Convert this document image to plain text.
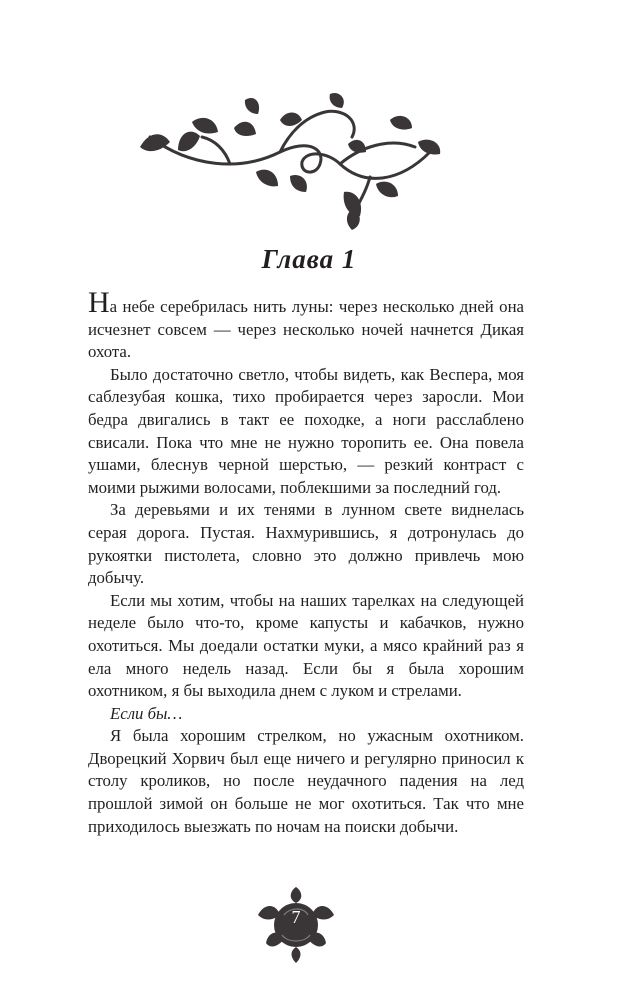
Глава 1

На небе серебрилась нить луны: через несколько дней она исчезнет совсем — через несколько ночей начнется Дикая охота.

Было достаточно светло, чтобы видеть, как Веспера, моя саблезубая кошка, тихо пробирается через заросли. Мои бедра двигались в такт ее походке, а ноги расслаблено свисали. Пока что мне не нужно торопить ее. Она повела ушами, блеснув черной шерстью, — резкий контраст с моими рыжими волосами, поблекшими за последний год.

За деревьями и их тенями в лунном свете виднелась серая дорога. Пустая. Нахмурившись, я дотронулась до рукоятки пистолета, словно это должно привлечь мою добычу.

Если мы хотим, чтобы на наших тарелках на следующей неделе было что-то, кроме капусты и кабачков, нужно охотиться. Мы доедали остатки муки, а мясо крайний раз я ела много недель назад. Если бы я была хорошим охотником, я бы выходила днем с луком и стрелами.

Если бы…

Я была хорошим стрелком, но ужасным охотником. Дворецкий Хорвич был еще ничего и регулярно приносил к столу кроликов, но после неудачного падения на лед прошлой зимой он больше не мог охотиться. Так что мне приходилось выезжать по ночам на поиски добычи.

7
